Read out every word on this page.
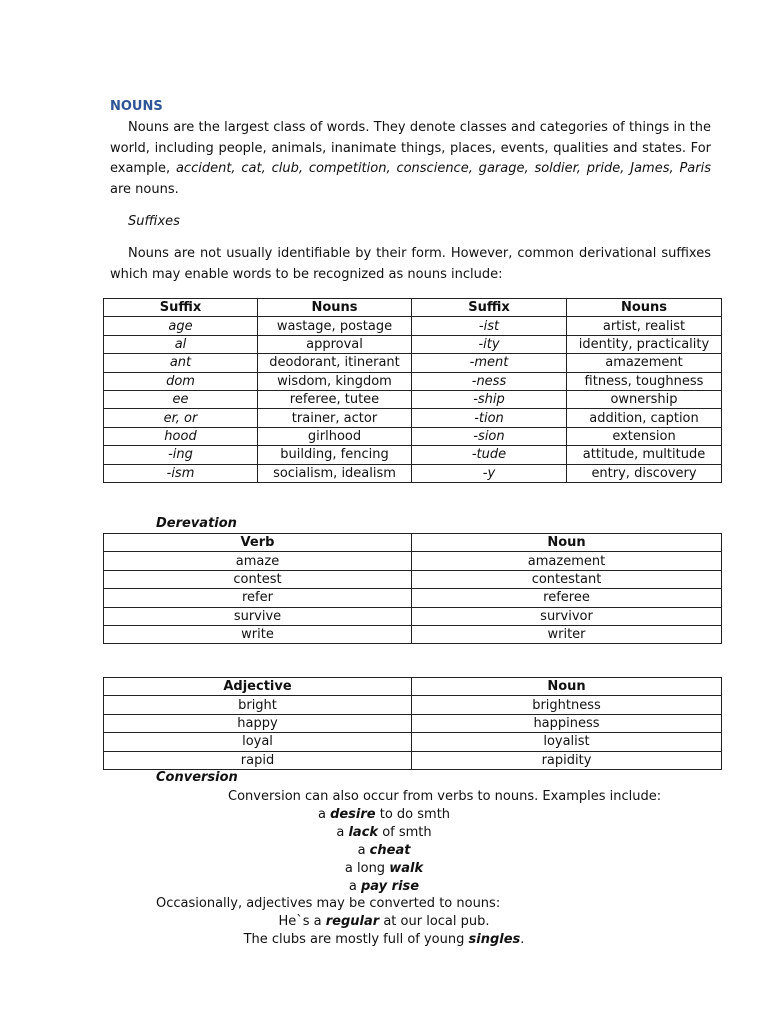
NOUNS
Nouns are the largest class of words. They denote classes and categories of things in the world, including people, animals, inanimate things, places, events, qualities and states. For example, accident, cat, club, competition, conscience, garage, soldier, pride, James, Paris are nouns.
Suffixes
Nouns are not usually identifiable by their form. However, common derivational suffixes which may enable words to be recognized as nouns include:
Suffix	Nouns	Suffix	Nouns
age	wastage, postage	-ist	artist, realist
al	approval	-ity	identity, practicality
ant	deodorant, itinerant	-ment	amazement
dom	wisdom, kingdom	-ness	fitness, toughness
ee	referee, tutee	-ship	ownership
er, or	trainer, actor	-tion	addition, caption
hood	girlhood	-sion	extension
-ing	building, fencing	-tude	attitude, multitude
-ism	socialism, idealism	-y	entry, discovery
Derevation
Verb	Noun
amaze	amazement
contest	contestant
refer	referee
survive	survivor
write	writer
Adjective	Noun
bright	brightness
happy	happiness
loyal	loyalist
rapid	rapidity
Conversion
Conversion can also occur from verbs to nouns. Examples include:
a desire to do smth
a lack of smth
a cheat
a long walk
a pay rise
Occasionally, adjectives may be converted to nouns:
He`s a regular at our local pub.
The clubs are mostly full of young singles.
